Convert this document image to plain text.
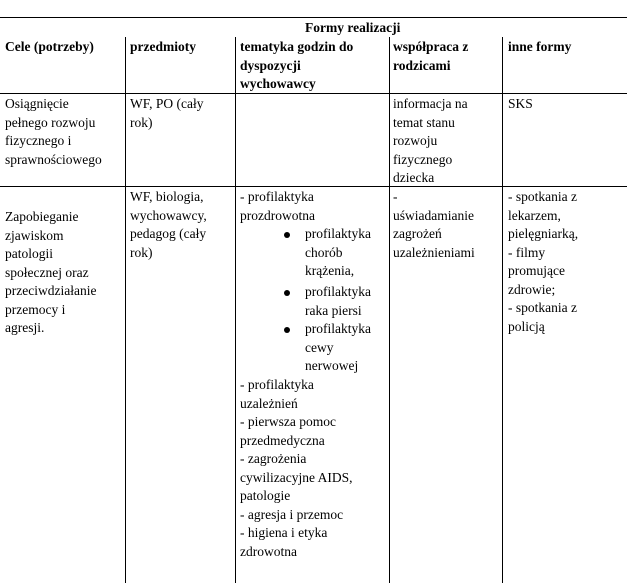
Formy realizacji
Cele (potrzeby)	przedmioty	tematyka godzin do
dyspozycji
wychowawcy
współpraca z
rodzicami
inne formy
Osiągnięcie
pełnego rozwoju
fizycznego i
sprawnościowego
WF, PO (cały
rok)
informacja na
temat stanu
rozwoju
fizycznego
dziecka
SKS
Zapobieganie
zjawiskom
patologii
społecznej oraz
przeciwdziałanie
przemocy i
agresji.
WF, biologia,
wychowawcy,
pedagog (cały
rok)
- profilaktyka
prozdrowotna
profilaktyka
chorób
krążenia,
profilaktyka
raka piersi
profilaktyka
cewy
nerwowej
- profilaktyka
uzależnień
- pierwsza pomoc
przedmedyczna
- zagrożenia
cywilizacyjne AIDS,
patologie
- agresja i przemoc
- higiena i etyka
zdrowotna
-
uświadamianie
zagrożeń
uzależnieniami
- spotkania z
lekarzem,
pielęgniarką,
- filmy
promujące
zdrowie;
- spotkania z
policją
